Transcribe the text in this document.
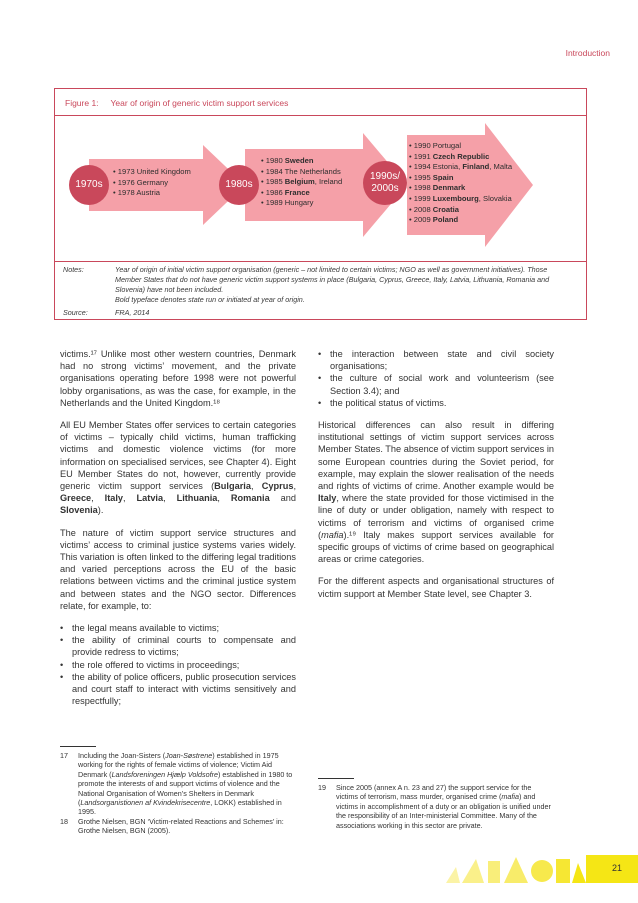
Introduction
Figure 1: Year of origin of generic victim support services
1970s
• 1973 United Kingdom
• 1976 Germany
• 1978 Austria
1980s
• 1980 Sweden
• 1984 The Netherlands
• 1985 Belgium, Ireland
• 1986 France
• 1989 Hungary
1990s/
2000s
• 1990 Portugal
• 1991 Czech Republic
• 1994 Estonia, Finland, Malta
• 1995 Spain
• 1998 Denmark
• 1999 Luxembourg, Slovakia
• 2008 Croatia
• 2009 Poland
Notes:	Year of origin of initial victim support organisation (generic – not limited to certain victims; NGO as well as government initiatives). Those Member States that do not have generic victim support systems in place (Bulgaria, Cyprus, Greece, Italy, Latvia, Lithuania, Romania and Slovenia) have not been included.
Bold typeface denotes state run or initiated at year of origin.
Source:	FRA, 2014

victims.¹⁷ Unlike most other western countries, Denmark had no strong victims’ movement, and the private organisations operating before 1998 were not powerful lobby organisations, as was the case, for example, in the Netherlands and the United Kingdom.¹⁸

All EU Member States offer services to certain categories of victims – typically child victims, human trafficking victims and domestic violence victims (for more information on specialised services, see Chapter 4). Eight EU Member States do not, however, currently provide generic victim support services (Bulgaria, Cyprus, Greece, Italy, Latvia, Lithuania, Romania and Slovenia).

The nature of victim support service structures and victims’ access to criminal justice systems varies widely. This variation is often linked to the differing legal traditions and varied perceptions across the EU of the basic relations between victims and the criminal justice system and between states and the NGO sector. Differences relate, for example, to:

• the legal means available to victims;
• the ability of criminal courts to compensate and provide redress to victims;
• the role offered to victims in proceedings;
• the ability of police officers, public prosecution services and court staff to interact with victims sensitively and respectfully;
• the interaction between state and civil society organisations;
• the culture of social work and volunteerism (see Section 3.4); and
• the political status of victims.

Historical differences can also result in differing institutional settings of victim support services across Member States. The absence of victim support services in some European countries during the Soviet period, for example, may explain the slower realisation of the needs and rights of victims of crime. Another example would be Italy, where the state provided for those victimised in the line of duty or under obligation, namely with respect to victims of terrorism and victims of organised crime (mafia).¹⁹ Italy makes support services available for specific groups of victims of crime based on geographical areas or crime categories.

For the different aspects and organisational structures of victim support at Member State level, see Chapter 3.

17 Including the Joan-Sisters (Joan-Søstrene) established in 1975 working for the rights of female victims of violence; Victim Aid Denmark (Landsforeningen Hjælp Voldsofre) established in 1980 to promote the interests of and support victims of violence and the National Organisation of Women’s Shelters in Denmark (Landsorganistionen af Kvindekrisecentre, LOKK) established in 1995.
18 Grothe Nielsen, BGN ‘Victim-related Reactions and Schemes’ in: Grothe Nielsen, BGN (2005).
19 Since 2005 (annex A n. 23 and 27) the support service for the victims of terrorism, mass murder, organised crime (mafia) and victims in accomplishment of a duty or an obligation is unified under the responsibility of an Inter-ministerial Committee. Many of the associations working in this sector are private.
21
